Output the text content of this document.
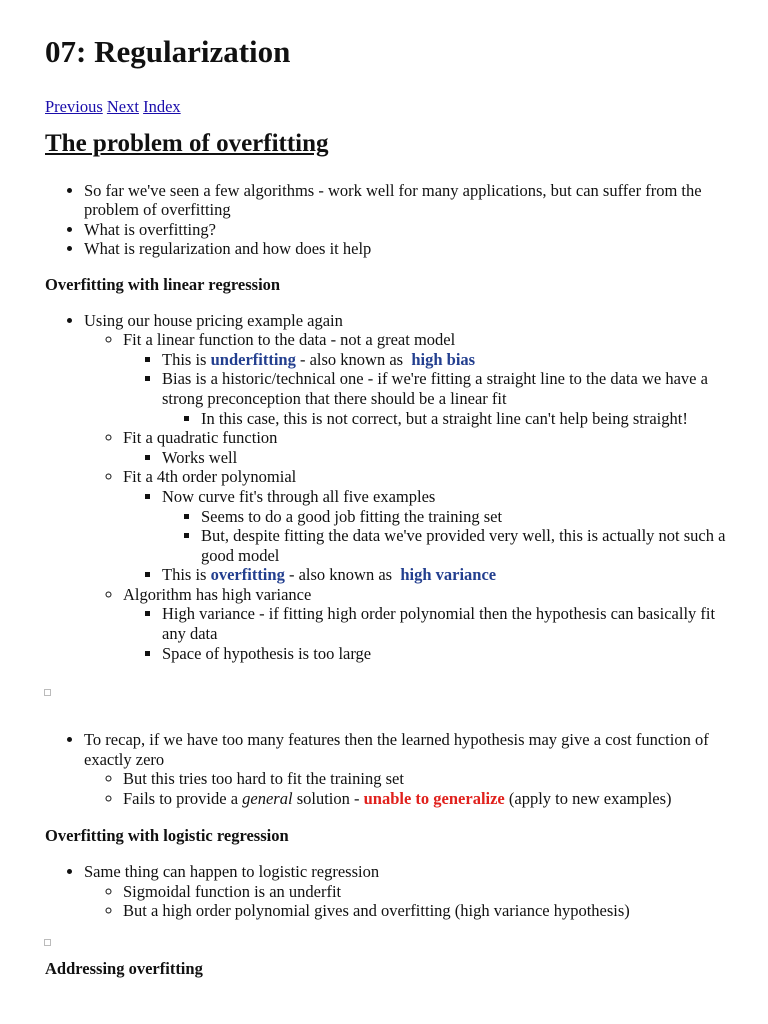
07: Regularization
Previous Next Index
The problem of overfitting
• So far we've seen a few algorithms - work well for many applications, but can suffer from the problem of overfitting
• What is overfitting?
• What is regularization and how does it help
Overfitting with linear regression
• Using our house pricing example again
◦ Fit a linear function to the data - not a great model
▪ This is underfitting - also known as high bias
▪ Bias is a historic/technical one - if we're fitting a straight line to the data we have a strong preconception that there should be a linear fit
▪ In this case, this is not correct, but a straight line can't help being straight!
◦ Fit a quadratic function
▪ Works well
◦ Fit a 4th order polynomial
▪ Now curve fit's through all five examples
▪ Seems to do a good job fitting the training set
▪ But, despite fitting the data we've provided very well, this is actually not such a good model
▪ This is overfitting - also known as high variance
◦ Algorithm has high variance
▪ High variance - if fitting high order polynomial then the hypothesis can basically fit any data
▪ Space of hypothesis is too large
• To recap, if we have too many features then the learned hypothesis may give a cost function of exactly zero
◦ But this tries too hard to fit the training set
◦ Fails to provide a general solution - unable to generalize (apply to new examples)
Overfitting with logistic regression
• Same thing can happen to logistic regression
◦ Sigmoidal function is an underfit
◦ But a high order polynomial gives and overfitting (high variance hypothesis)
Addressing overfitting
